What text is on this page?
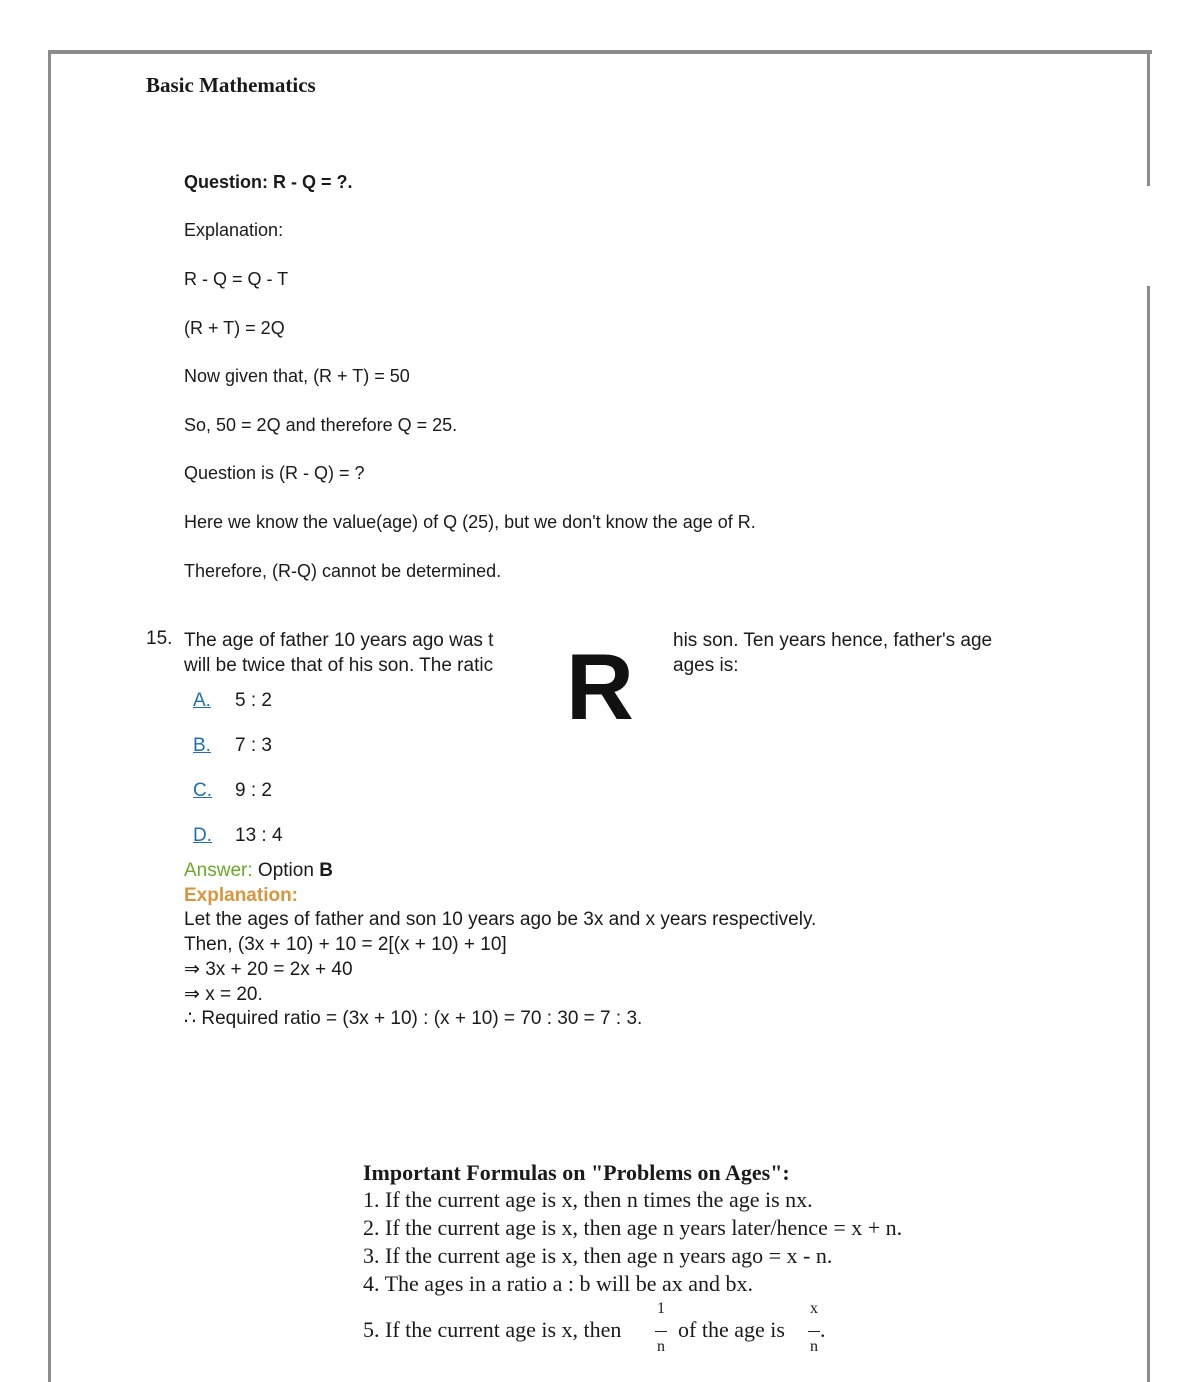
Basic Mathematics
Question: R - Q = ?.
Explanation:
R - Q = Q - T
(R + T) = 2Q
Now given that, (R + T) = 50
So, 50 = 2Q and therefore Q = 25.
Question is (R - Q) = ?
Here we know the value(age) of Q (25), but we don't know the age of R.
Therefore, (R-Q) cannot be determined.
15. The age of father 10 years ago was t	his son. Ten years hence, father's age
will be twice that of his son. The ratic	ages is:
R
A. 5 : 2
B. 7 : 3
C. 9 : 2
D. 13 : 4
Answer: Option B
Explanation:
Let the ages of father and son 10 years ago be 3x and x years respectively.
Then, (3x + 10) + 10 = 2[(x + 10) + 10]
⇒ 3x + 20 = 2x + 40
⇒ x = 20.
∴ Required ratio = (3x + 10) : (x + 10) = 70 : 30 = 7 : 3.
Important Formulas on "Problems on Ages":
1. If the current age is x, then n times the age is nx.
2. If the current age is x, then age n years later/hence = x + n.
3. If the current age is x, then age n years ago = x - n.
4. The ages in a ratio a : b will be ax and bx.
5. If the current age is x, then
1
n
of the age is
x
n
.
